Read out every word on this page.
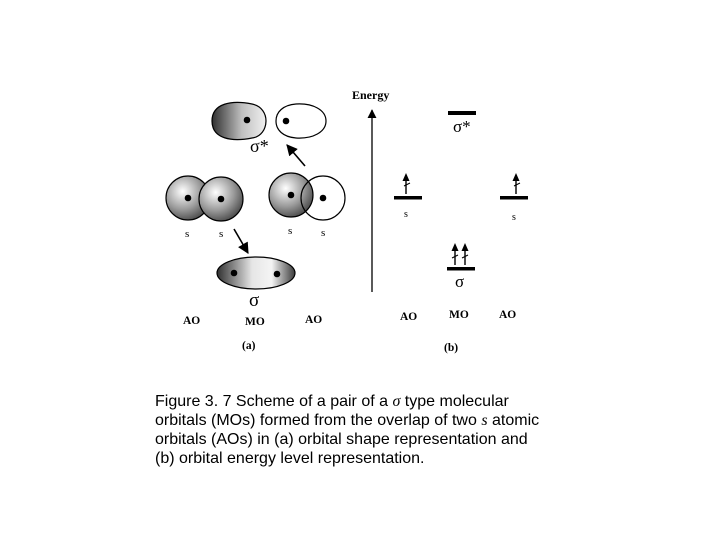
σ*
s	s	s	s
σ
AO	MO	AO
(a)
Energy
σ*
s	s
σ
AO	MO	AO
(b)
Figure 3. 7 Scheme of a pair of a σ type molecular
orbitals (MOs) formed from the overlap of two s atomic
orbitals (AOs) in (a) orbital shape representation and
(b) orbital energy level representation.
